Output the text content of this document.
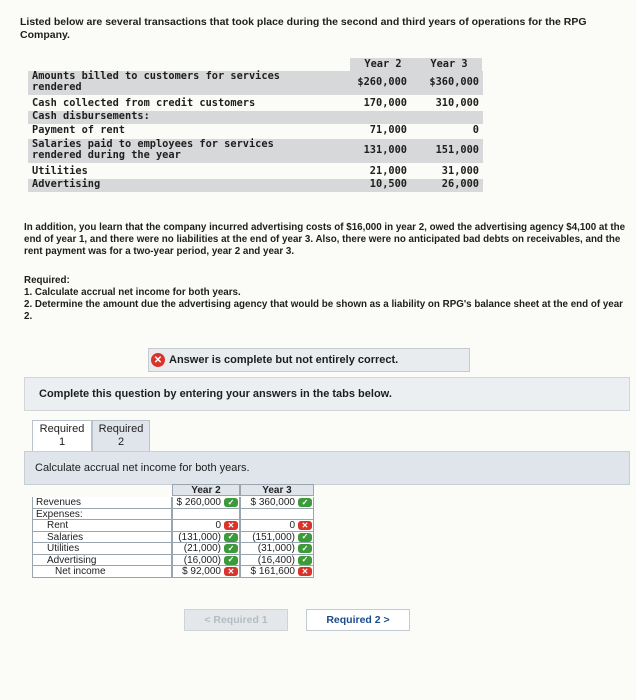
Listed below are several transactions that took place during the second and third years of operations for the RPG Company.
Year 2	Year 3
Amounts billed to customers for services rendered	$260,000	$360,000
Cash collected from credit customers	170,000	310,000
Cash disbursements:
Payment of rent	71,000	0
Salaries paid to employees for services rendered during the year	131,000	151,000
Utilities	21,000	31,000
Advertising	10,500	26,000
In addition, you learn that the company incurred advertising costs of $16,000 in year 2, owed the advertising agency $4,100 at the end of year 1, and there were no liabilities at the end of year 3. Also, there were no anticipated bad debts on receivables, and the rent payment was for a two-year period, year 2 and year 3.
Required:
1. Calculate accrual net income for both years.
2. Determine the amount due the advertising agency that would be shown as a liability on RPG's balance sheet at the end of year 2.
✕ Answer is complete but not entirely correct.
Complete this question by entering your answers in the tabs below.
Required
1
Required
2
Calculate accrual net income for both years.
Year 2	Year 3
Revenues	$ 260,000 ✓	$ 360,000 ✓
Expenses:
Rent	0 ✕	0 ✕
Salaries	(131,000) ✓	(151,000) ✓
Utilities	(21,000) ✓	(31,000) ✓
Advertising	(16,000) ✓	(16,400) ✓
Net income	$ 92,000 ✕	$ 161,600 ✕
< Required 1	Required 2 >
